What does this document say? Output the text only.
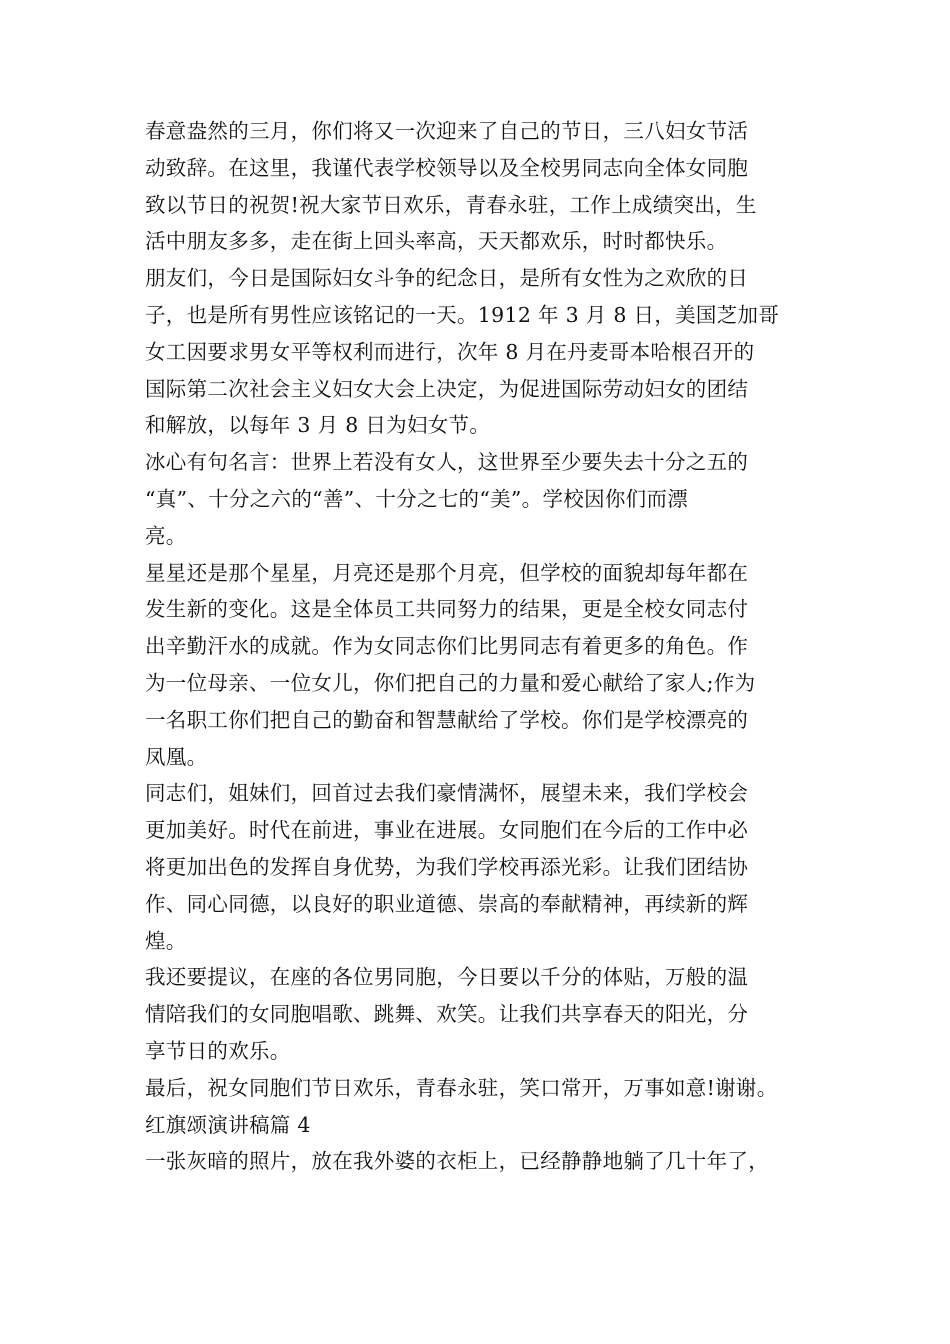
春意盎然的三月，你们将又一次迎来了自己的节日，三八妇女节活
动致辞。在这里，我谨代表学校领导以及全校男同志向全体女同胞
致以节日的祝贺!祝大家节日欢乐，青春永驻，工作上成绩突出，生
活中朋友多多，走在街上回头率高，天天都欢乐，时时都快乐。
朋友们，今日是国际妇女斗争的纪念日，是所有女性为之欢欣的日
子，也是所有男性应该铭记的一天。1912 年 3 月 8 日，美国芝加哥
女工因要求男女平等权利而进行，次年 8 月在丹麦哥本哈根召开的
国际第二次社会主义妇女大会上决定，为促进国际劳动妇女的团结
和解放，以每年 3 月 8 日为妇女节。
冰心有句名言：世界上若没有女人，这世界至少要失去十分之五的
“真”、十分之六的“善”、十分之七的“美”。学校因你们而漂
亮。
星星还是那个星星，月亮还是那个月亮，但学校的面貌却每年都在
发生新的变化。这是全体员工共同努力的结果，更是全校女同志付
出辛勤汗水的成就。作为女同志你们比男同志有着更多的角色。作
为一位母亲、一位女儿，你们把自己的力量和爱心献给了家人;作为
一名职工你们把自己的勤奋和智慧献给了学校。你们是学校漂亮的
凤凰。
同志们，姐妹们，回首过去我们豪情满怀，展望未来，我们学校会
更加美好。时代在前进，事业在进展。女同胞们在今后的工作中必
将更加出色的发挥自身优势，为我们学校再添光彩。让我们团结协
作、同心同德，以良好的职业道德、崇高的奉献精神，再续新的辉
煌。
我还要提议，在座的各位男同胞，今日要以千分的体贴，万般的温
情陪我们的女同胞唱歌、跳舞、欢笑。让我们共享春天的阳光，分
享节日的欢乐。
最后，祝女同胞们节日欢乐，青春永驻，笑口常开，万事如意!谢谢。
红旗颂演讲稿篇 4
一张灰暗的照片，放在我外婆的衣柜上，已经静静地躺了几十年了，
